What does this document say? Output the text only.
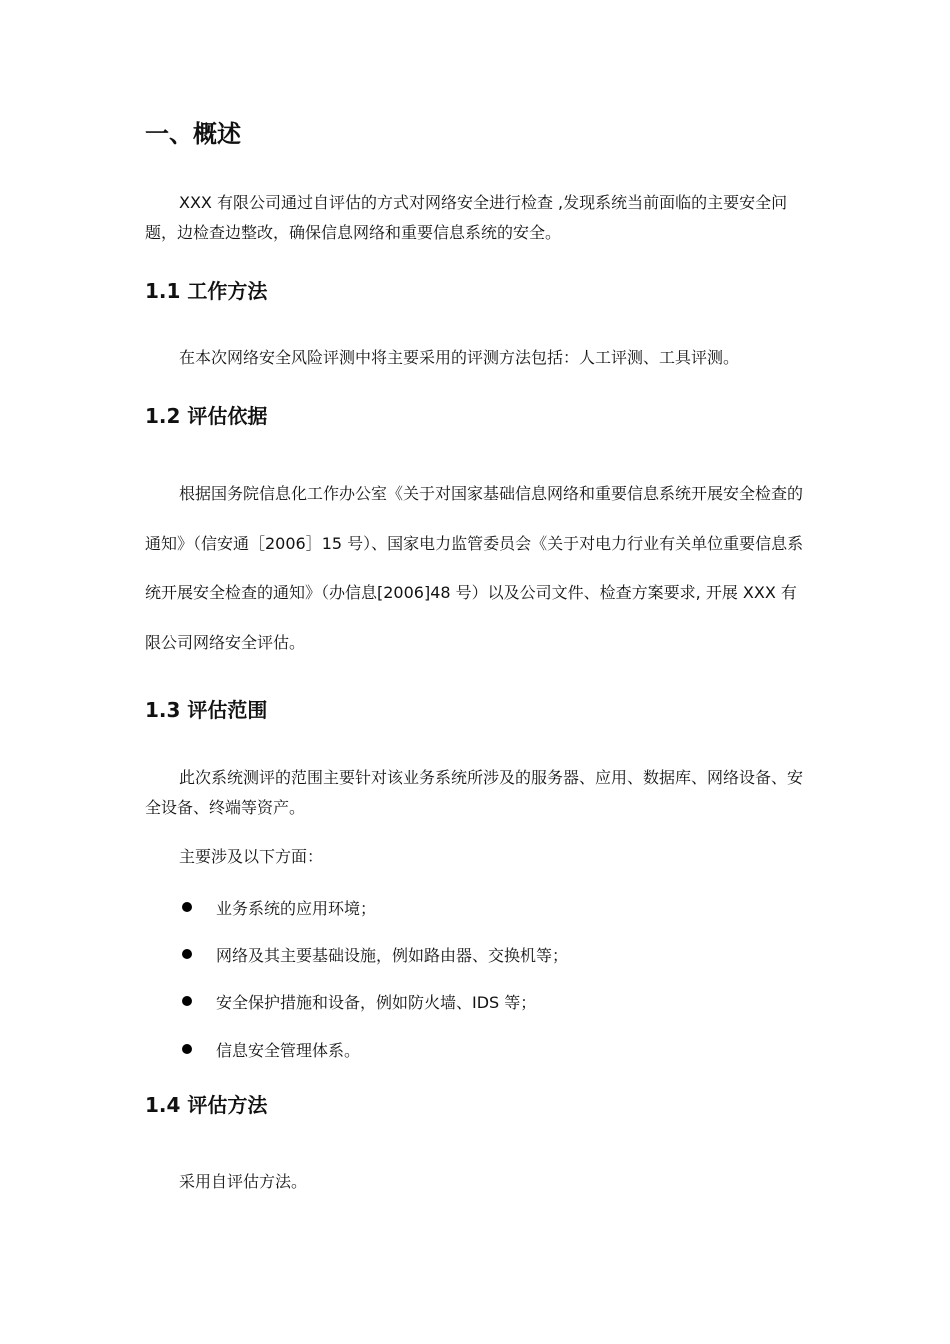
一、概述

XXX 有限公司通过自评估的方式对网络安全进行检查 ,发现系统当前面临的主要安全问题，边检查边整改，确保信息网络和重要信息系统的安全。

1.1 工作方法

在本次网络安全风险评测中将主要采用的评测方法包括：人工评测、工具评测。

1.2 评估依据

根据国务院信息化工作办公室《关于对国家基础信息网络和重要信息系统开展安全检查的通知》（信安通［2006］15 号）、国家电力监管委员会《关于对电力行业有关单位重要信息系统开展安全检查的通知》（办信息[2006]48 号）以及公司文件、检查方案要求, 开展 XXX 有限公司网络安全评估。

1.3 评估范围

此次系统测评的范围主要针对该业务系统所涉及的服务器、应用、数据库、网络设备、安全设备、终端等资产。

主要涉及以下方面：
业务系统的应用环境；
网络及其主要基础设施，例如路由器、交换机等；
安全保护措施和设备，例如防火墙、IDS 等；
信息安全管理体系。
1.4 评估方法

采用自评估方法。
